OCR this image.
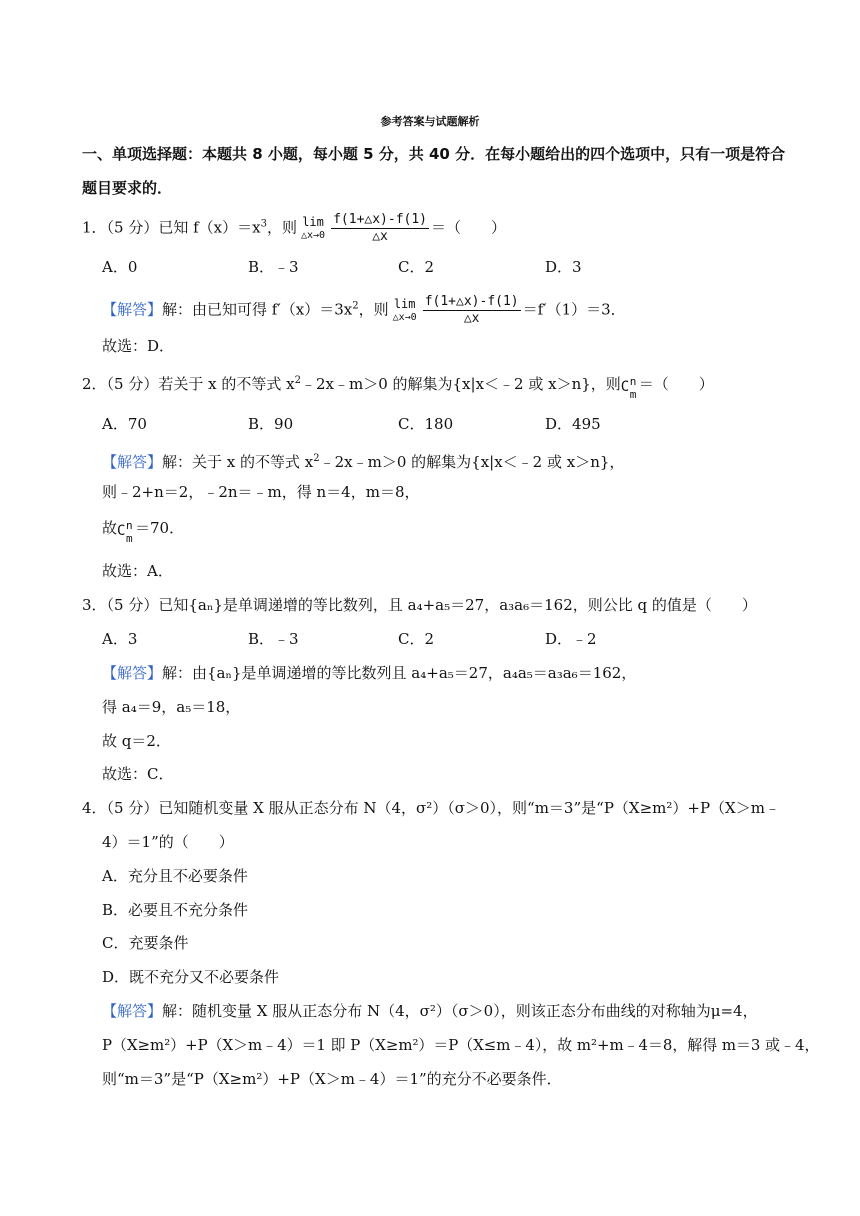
参考答案与试题解析
一、单项选择题：本题共 8 小题，每小题 5 分，共 40 分．在每小题给出的四个选项中，只有一项是符合
题目要求的．
1．（5 分）已知 $f(x)=x^3$，则 lim
△x→0 $\frac{f(1+\triangle x)-f(1)}{\triangle x}$ ＝（　　）
A．0	B．﹣3	C．2	D．3
【解答】解：由已知可得 $f'(x)=3x^2$，则 lim
△x→0 $\frac{f(1+\triangle x)-f(1)}{\triangle x} =f'(1)=3$．
故选：D．
2．（5 分）若关于 x 的不等式 $x^2﹣2x﹣m>0$ 的解集为{x|x＜﹣2 或 x＞n}，则 C n
m
＝（　　）
A．70	B．90	C．180	D．495
【解答】解：关于 x 的不等式 $x^2﹣2x﹣m>0$ 的解集为{x|x＜﹣2 或 x＞n}，
则﹣2+n＝2，﹣2n＝﹣m，得 n＝4，m＝8，
故 C n
m
＝70．
故选：A．
3．（5 分）已知{aₙ}是单调递增的等比数列，且 a₄+a₅＝27，a₃a₆＝162，则公比 q 的值是（　　）
A．3	B．﹣3	C．2	D．﹣2
【解答】解：由{aₙ}是单调递增的等比数列且 a₄+a₅＝27，a₄a₅＝a₃a₆＝162，
得 a₄＝9，a₅＝18，
故 q＝2．
故选：C．
4．（5 分）已知随机变量 X 服从正态分布 N（4，σ²）（σ＞0），则“m＝3”是“P（X≥m²）+P（X＞m﹣
4）＝1”的（　　）
A．充分且不必要条件
B．必要且不充分条件
C．充要条件
D．既不充分又不必要条件
【解答】解：随机变量 X 服从正态分布 N（4，σ²）（σ＞0），则该正态分布曲线的对称轴为μ=4，
P（X≥m²）+P（X＞m﹣4）＝1 即 P（X≥m²）＝P（X≤m﹣4），故 m²+m﹣4＝8，解得 m＝3 或﹣4，
则“m＝3”是“P（X≥m²）+P（X＞m﹣4）＝1”的充分不必要条件．
